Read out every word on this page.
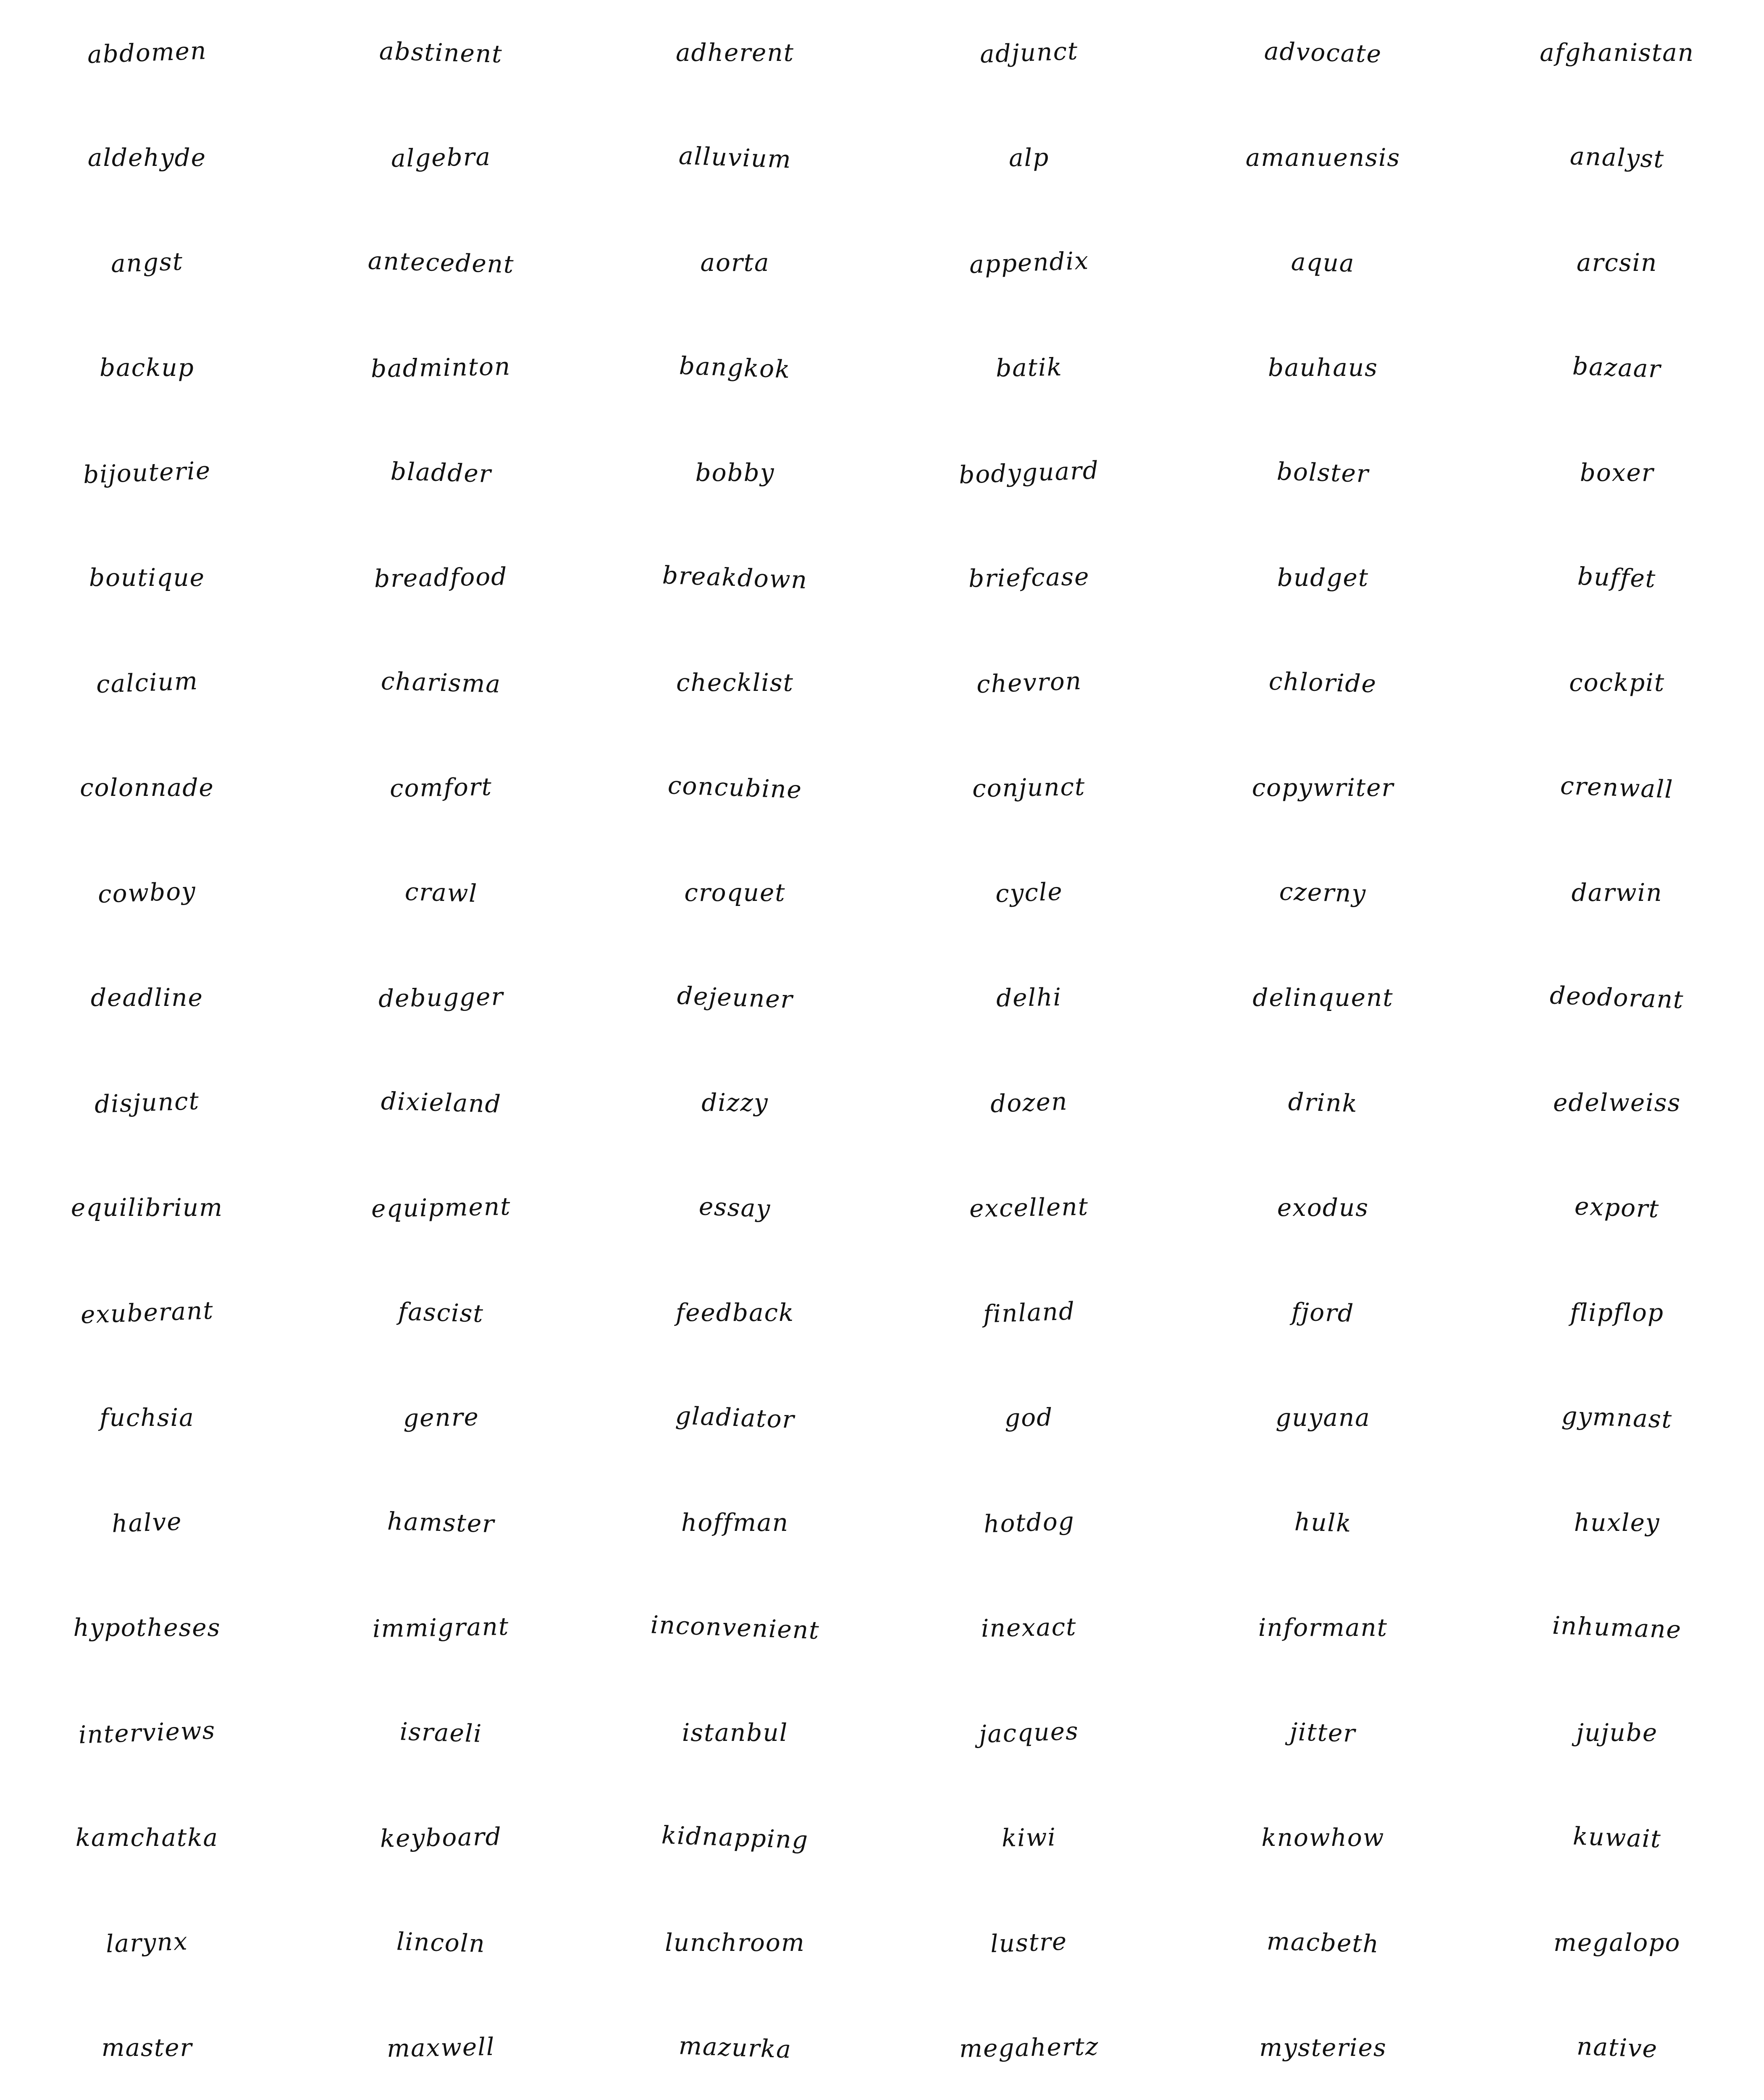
abdomen	abstinent	adherent	adjunct	advocate	afghanistan
aldehyde	algebra	alluvium	alp	amanuensis	analyst
angst	antecedent	aorta	appendix	aqua	arcsin
backup	badminton	bangkok	batik	bauhaus	bazaar
bijouterie	bladder	bobby	bodyguard	bolster	boxer
boutique	breadfood	breakdown	briefcase	budget	buffet
calcium	charisma	checklist	chevron	chloride	cockpit
colonnade	comfort	concubine	conjunct	copywriter	crenwall
cowboy	crawl	croquet	cycle	czerny	darwin
deadline	debugger	dejeuner	delhi	delinquent	deodorant
disjunct	dixieland	dizzy	dozen	drink	edelweiss
equilibrium	equipment	essay	excellent	exodus	export
exuberant	fascist	feedback	finland	fjord	flipflop
fuchsia	genre	gladiator	god	guyana	gymnast
halve	hamster	hoffman	hotdog	hulk	huxley
hypotheses	immigrant	inconvenient	inexact	informant	inhumane
interviews	israeli	istanbul	jacques	jitter	jujube
kamchatka	keyboard	kidnapping	kiwi	knowhow	kuwait
larynx	lincoln	lunchroom	lustre	macbeth	megalopo
master	maxwell	mazurka	megahertz	mysteries	native
